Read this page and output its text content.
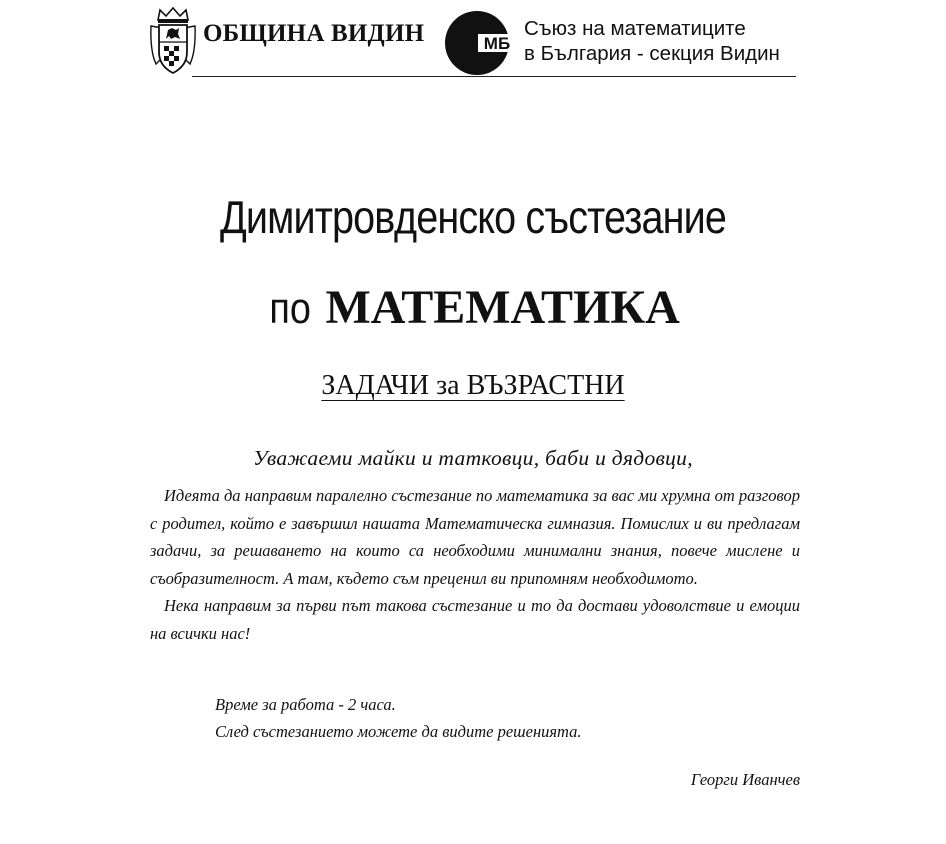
ОБЩИНА ВИДИН	МБ
Съюз на математиците
в България - секция Видин
Димитровденско състезание
по МАТЕМАТИКА
ЗАДАЧИ за ВЪЗРАСТНИ
Уважаеми майки и татковци, баби и дядовци,

Идеята да направим паралелно състезание по математика за вас ми хрумна от разговор с родител, който е завършил нашата Математическа гимназия. Помислих и ви предлагам задачи, за решаването на които са необходими минимални знания, повече мислене и съобразителност. А там, където съм преценил ви припомням необходимото.

Нека направим за първи път такова състезание и то да достави удоволствие и емоции на всички нас!

Време за работа - 2 часа.
След състезанието можете да видите решенията.
Георги Иванчев
